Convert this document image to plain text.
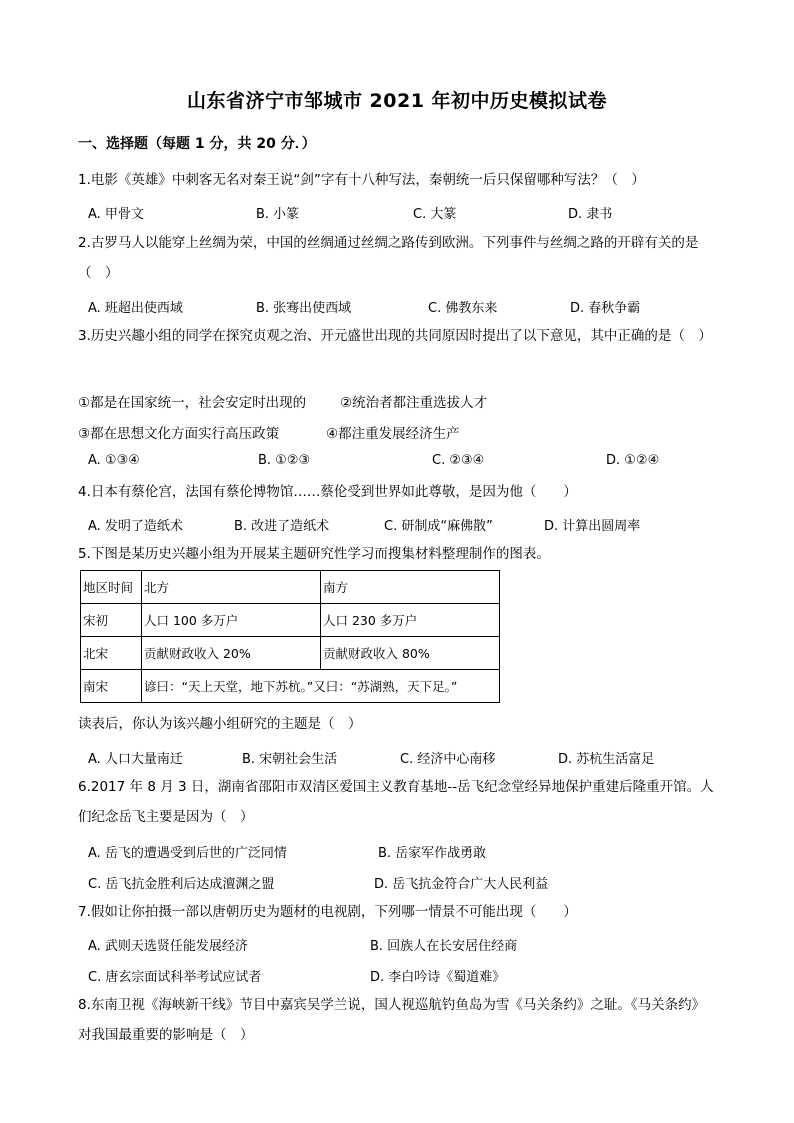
山东省济宁市邹城市 2021 年初中历史模拟试卷
一、选择题（每题 1 分，共 20 分．）
1.电影《英雄》中刺客无名对秦王说“剑”字有十八种写法，秦朝统一后只保留哪种写法？（　）
A. 甲骨文	B. 小篆	C. 大篆	D. 隶书
2.古罗马人以能穿上丝绸为荣，中国的丝绸通过丝绸之路传到欧洲。下列事件与丝绸之路的开辟有关的是（　）
A. 班超出使西域	B. 张骞出使西域	C. 佛教东来	D. 春秋争霸
3.历史兴趣小组的同学在探究贞观之治、开元盛世出现的共同原因时提出了以下意见，其中正确的是（　）
①都是在国家统一，社会安定时出现的	②统治者都注重选拔人才
③都在思想文化方面实行高压政策	④都注重发展经济生产
A. ①③④	B. ①②③	C. ②③④	D. ①②④
4.日本有蔡伦宫，法国有蔡伦博物馆……蔡伦受到世界如此尊敬，是因为他（　　）
A. 发明了造纸术	B. 改进了造纸术	C. 研制成“麻佛散”	D. 计算出圆周率
5.下图是某历史兴趣小组为开展某主题研究性学习而搜集材料整理制作的图表。
地区时间	北方	南方
宋初	人口 100 多万户	人口 230 多万户
北宋	贡献财政收入 20%	贡献财政收入 80%
南宋	谚曰：“天上天堂，地下苏杭。”又曰：“苏湖熟，天下足。”	
读表后，你认为该兴趣小组研究的主题是（　）
A. 人口大量南迁	B. 宋朝社会生活	C. 经济中心南移	D. 苏杭生活富足
6.2017 年 8 月 3 日，湖南省邵阳市双清区爱国主义教育基地--岳飞纪念堂经异地保护重建后隆重开馆。人们纪念岳飞主要是因为（　）
A. 岳飞的遭遇受到后世的广泛同情	B. 岳家军作战勇敢
C. 岳飞抗金胜利后达成澶渊之盟	D. 岳飞抗金符合广大人民利益
7.假如让你拍摄一部以唐朝历史为题材的电视剧，下列哪一情景不可能出现（　　）
A. 武则天选贤任能发展经济	B. 回族人在长安居住经商
C. 唐玄宗面试科举考试应试者	D. 李白吟诗《蜀道难》
8.东南卫视《海峡新干线》节目中嘉宾吴学兰说，国人视巡航钓鱼岛为雪《马关条约》之耻。《马关条约》对我国最重要的影响是（　）
